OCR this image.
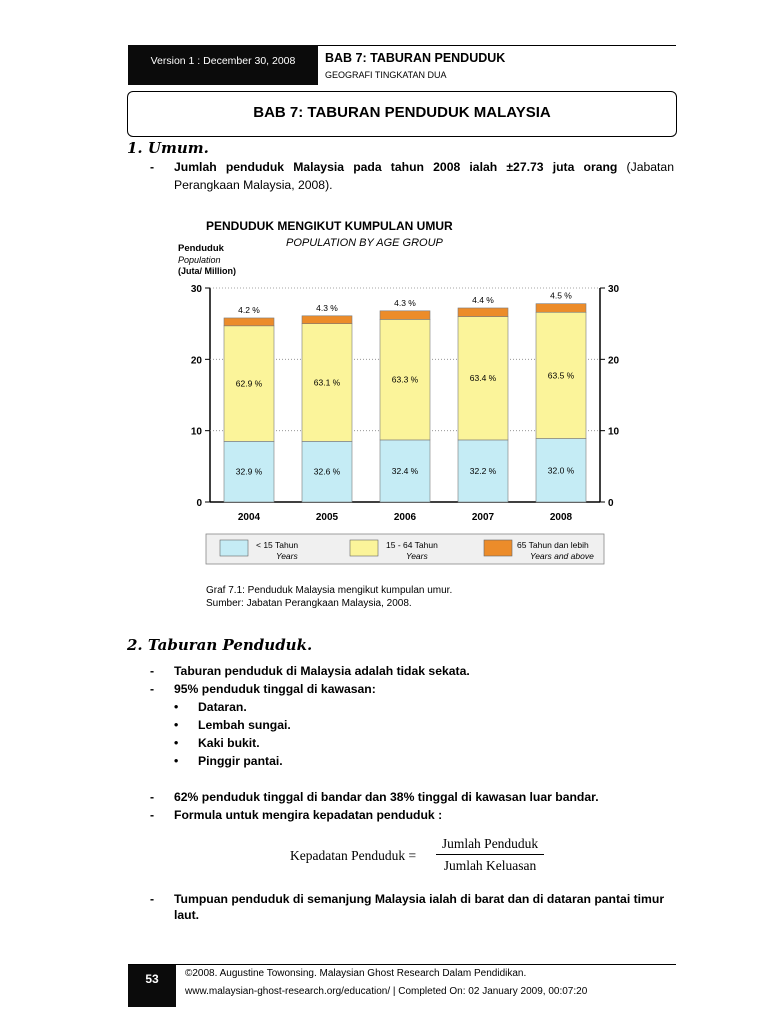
Version 1 : December 30, 2008	BAB 7: TABURAN PENDUDUK
GEOGRAFI TINGKATAN DUA
BAB 7: TABURAN PENDUDUK MALAYSIA
1. Umum.
- Jumlah penduduk Malaysia pada tahun 2008 ialah ±27.73 juta orang (Jabatan
Perangkaan Malaysia, 2008).
PENDUDUK MENGIKUT KUMPULAN UMUR
POPULATION BY AGE GROUP
Penduduk
Population
(Juta/ Million)
0	0
10	10
20	20
30	30
32.9 %
62.9 %
4.2 %
2004
32.6 %
63.1 %
4.3 %
2005
32.4 %
63.3 %
4.3 %
2006
32.2 %
63.4 %
4.4 %
2007
32.0 %
63.5 %
4.5 %
2008
< 15 Tahun
Years
15 - 64 Tahun
Years
65 Tahun dan lebih
Years and above
Graf 7.1: Penduduk Malaysia mengikut kumpulan umur.
Sumber: Jabatan Perangkaan Malaysia, 2008.
2. Taburan Penduduk.
- Taburan penduduk di Malaysia adalah tidak sekata.
- 95% penduduk tinggal di kawasan:
• Dataran.
• Lembah sungai.
• Kaki bukit.
• Pinggir pantai.
- 62% penduduk tinggal di bandar dan 38% tinggal di kawasan luar bandar.
- Formula untuk mengira kepadatan penduduk :
Kepadatan Penduduk =
Jumlah Penduduk
Jumlah Keluasan
- Tumpuan penduduk di semanjung Malaysia ialah di barat dan di dataran pantai timur
laut.
53	©2008. Augustine Towonsing. Malaysian Ghost Research Dalam Pendidikan.
www.malaysian-ghost-research.org/education/ | Completed On: 02 January 2009, 00:07:20
